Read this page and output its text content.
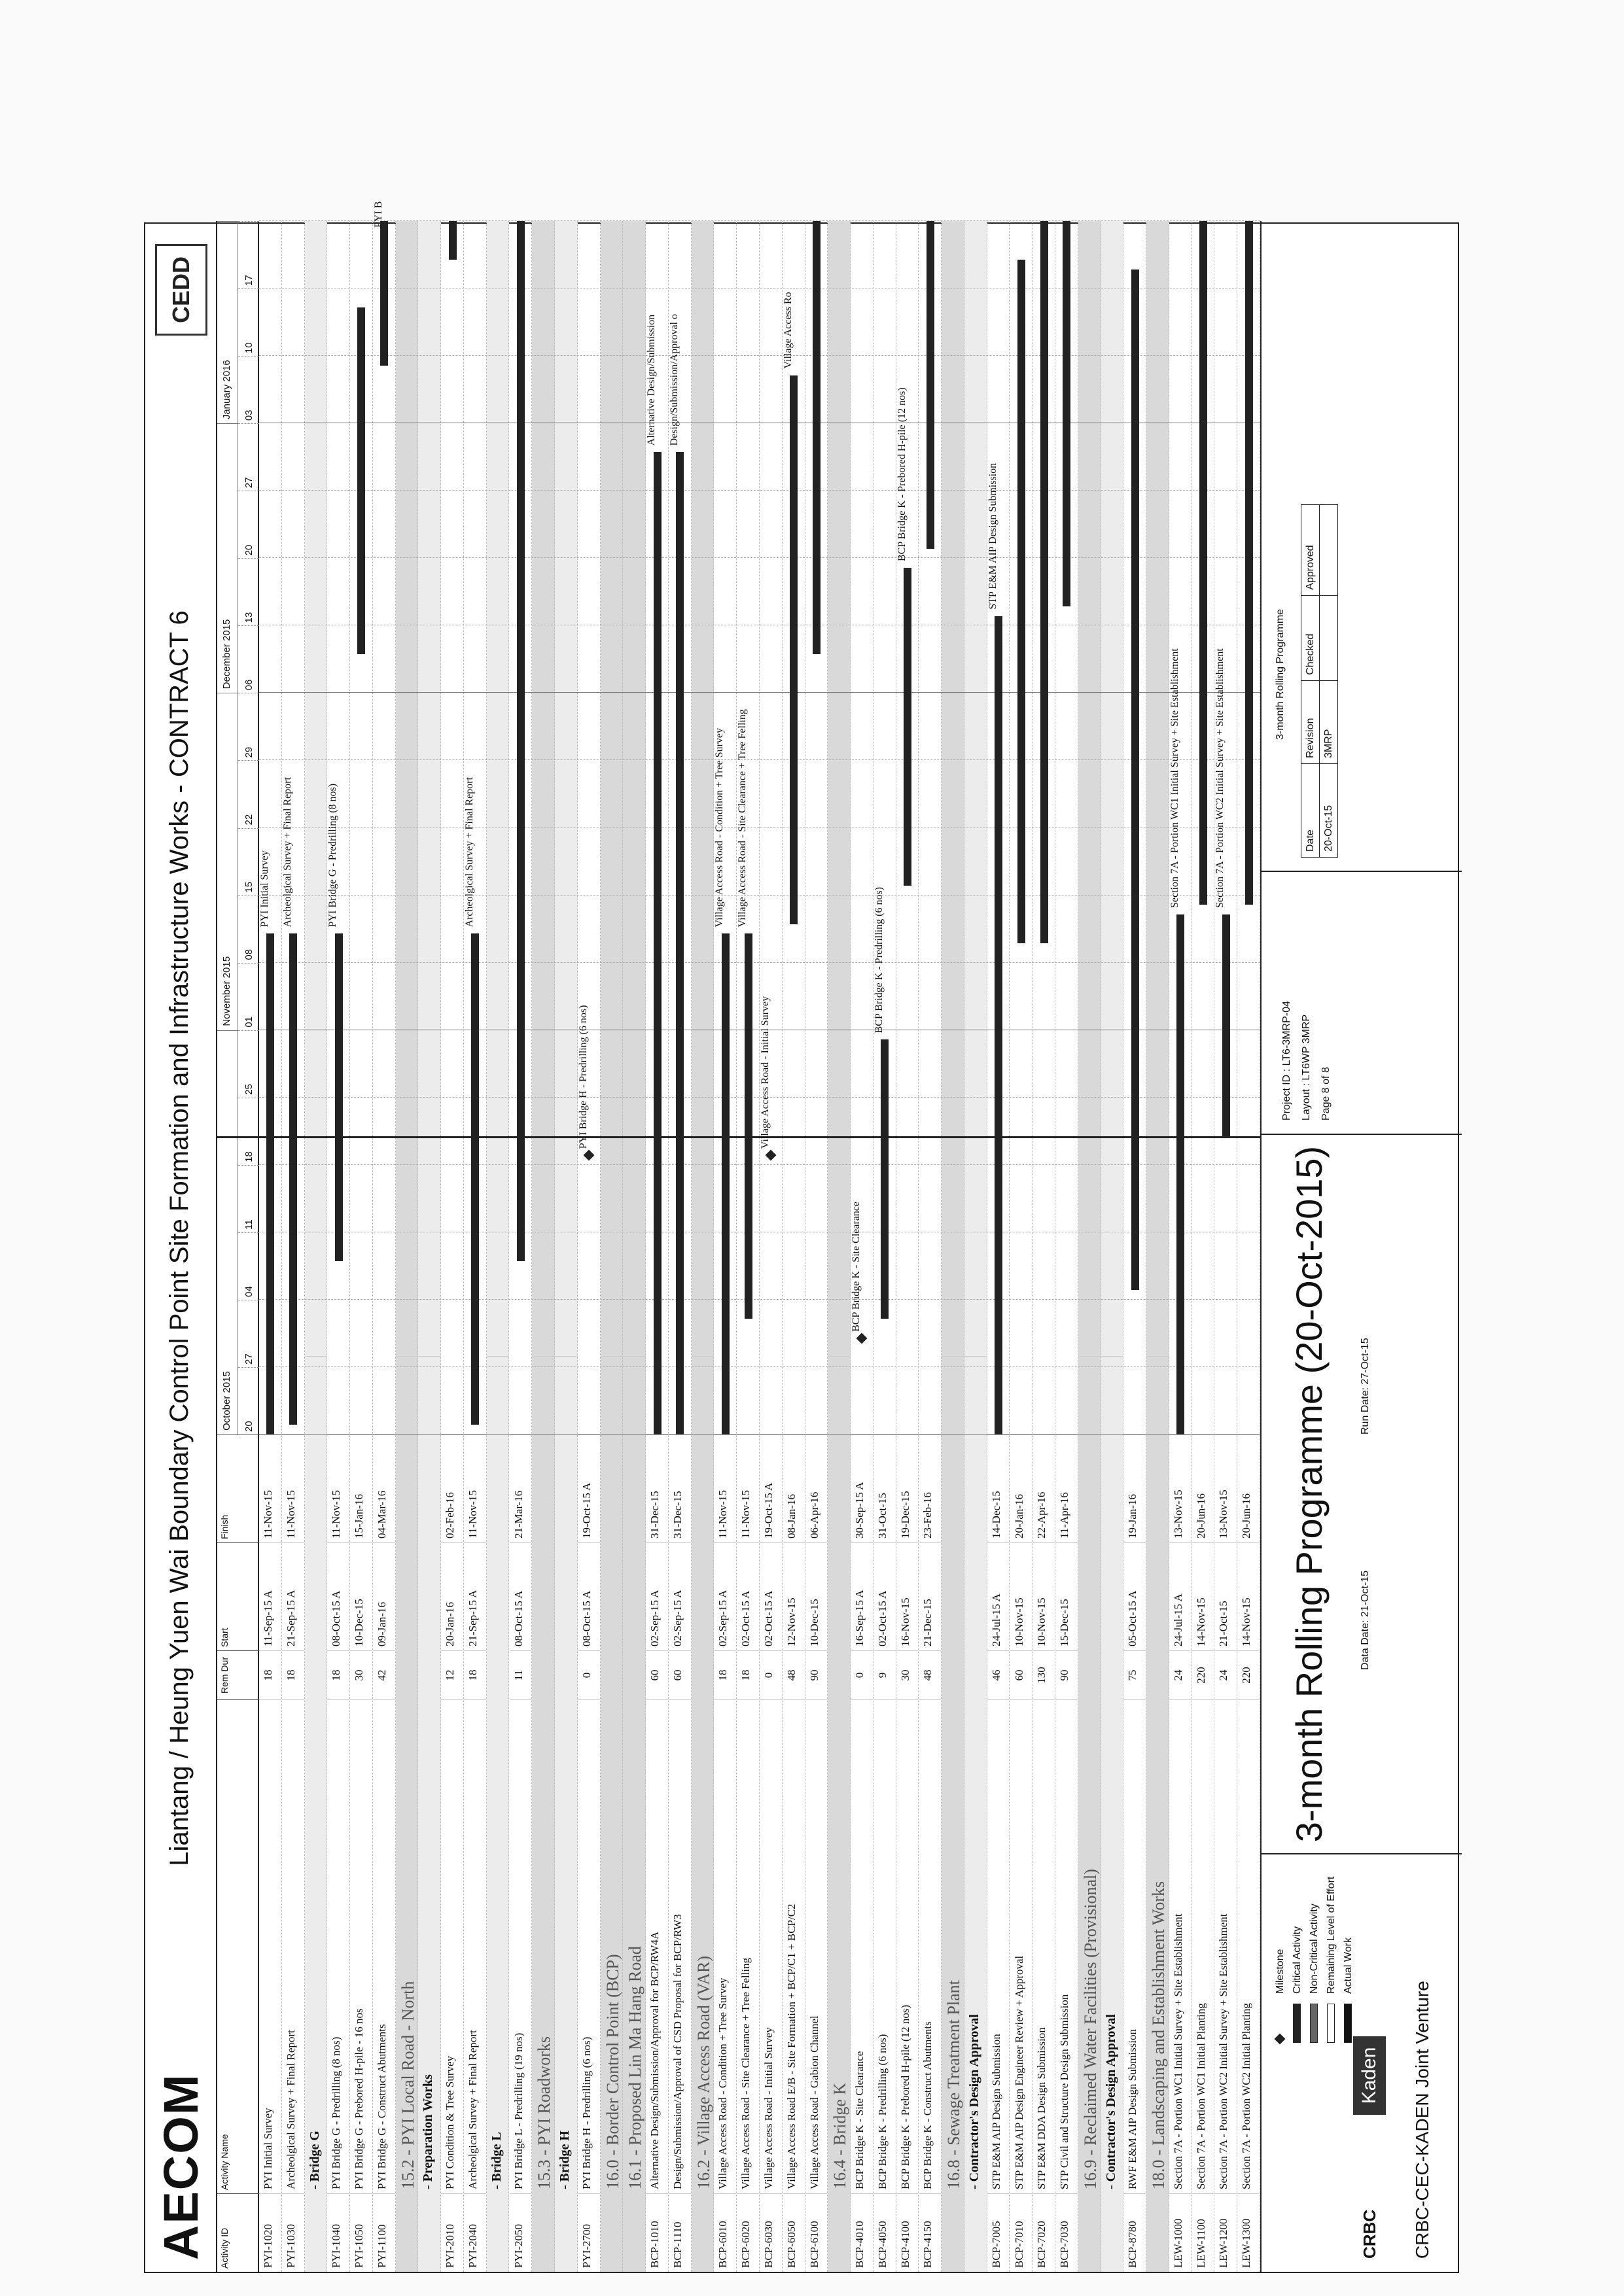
AECOM
Liantang / Heung Yuen Wai Boundary Control Point Site Formation and Infrastructure Works - CONTRACT 6
CEDD
Activity ID
Activity Name
Rem Dur
Start
Finish
October 2015
November 2015
December 2015
January 2016
20
27
04
11
18
25
01
08
15
22
29
06
13
20
27
03
10
17
PYI-1020
PYI Initial Survey
18
11-Sep-15 A
11-Nov-15
PYI-1030
Archeolgical Survey + Final Report
18
21-Sep-15 A
11-Nov-15
- Bridge G
PYI-1040
PYI Bridge G - Predrilling (8 nos)
18
08-Oct-15 A
11-Nov-15
PYI-1050
PYI Bridge G - Prebored H-pile - 16 nos
30
10-Dec-15
15-Jan-16
PYI-1100
PYI Bridge G - Construct Abutments
42
09-Jan-16
04-Mar-16
15.2 - PYI Local Road - North - Preparation Works
PYI-2010
PYI Condition & Tree Survey
12
20-Jan-16
02-Feb-16
PYI-2040
Archeolgical Survey + Final Report
18
21-Sep-15 A
11-Nov-15
- Bridge L
PYI-2050
PYI Bridge L - Predrilling (19 nos)
11
08-Oct-15 A
21-Mar-16
15.3 - PYI Roadworks - Bridge H
PYI-2700
PYI Bridge H - Predrilling (6 nos)
0
08-Oct-15 A
19-Oct-15 A
16.0 - Border Control Point (BCP) 16.1 - Proposed Lin Ma Hang Road
BCP-1010
Alternative Design/Submission/Approval for BCP/RW4A
60
02-Sep-15 A
31-Dec-15
BCP-1110
Design/Submission/Approval of CSD Proposal for BCP/RW3
60
02-Sep-15 A
31-Dec-15
16.2 - Village Access Road (VAR)
BCP-6010
Village Access Road - Condition + Tree Survey
18
02-Sep-15 A
11-Nov-15
BCP-6020
Village Access Road - Site Clearance + Tree Felling
18
02-Oct-15 A
11-Nov-15
BCP-6030
Village Access Road - Initial Survey
0
02-Oct-15 A
19-Oct-15 A
BCP-6050
Village Access Road E/B - Site Formation + BCP/C1 + BCP/C2
48
12-Nov-15
08-Jan-16
BCP-6100
Village Access Road - Gabion Channel
90
10-Dec-15
06-Apr-16
16.4 - Bridge K
BCP-4010
BCP Bridge K - Site Clearance
0
16-Sep-15 A
30-Sep-15 A
BCP-4050
BCP Bridge K - Predrilling (6 nos)
9
02-Oct-15 A
31-Oct-15
BCP-4100
BCP Bridge K - Prebored H-pile (12 nos)
30
16-Nov-15
19-Dec-15
BCP-4150
BCP Bridge K - Construct Abutments
48
21-Dec-15
23-Feb-16
16.8 - Sewage Treatment Plant - Contractor's Design Approval
BCP-7005
STP E&M AIP Design Submission
46
24-Jul-15 A
14-Dec-15
BCP-7010
STP E&M AIP Design Engineer Review + Approval
60
10-Nov-15
20-Jan-16
BCP-7020
STP E&M DDA Design Submission
130
10-Nov-15
22-Apr-16
BCP-7030
STP Civil and Structure Design Submission
90
15-Dec-15
11-Apr-16
16.9 - Reclaimed Water Facilities (Provisional) - Contractor's Design Approval
BCP-8780
RWF E&M AIP Design Submission
75
05-Oct-15 A
19-Jan-16
18.0 - Landscaping and Establishment Works
LEW-1000
Section 7A - Portion WC1 Initial Survey + Site Establishment
24
24-Jul-15 A
13-Nov-15
LEW-1100
Section 7A - Portion WC1 Initial Planting
220
14-Nov-15
20-Jun-16
LEW-1200
Section 7A - Portion WC2 Initial Survey + Site Establishment
24
21-Oct-15
13-Nov-15
LEW-1300
Section 7A - Portion WC2 Initial Planting
220
14-Nov-15
20-Jun-16
PYI Initial Survey Archeolgical Survey + Final Report	PYI Bridge G - Predrilling (8 nos)
PYI B
Archeolgical Survey + Final Report
PYI Bridge H - Predrilling (6 nos)
Alternative Design/Submission Design/Submission/Approval o
Village Access Road - Condition + Tree Survey Village Access Road - Site Clearance + Tree Felling
Village Access Road - Initial Survey
Village Access Ro
BCP Bridge K - Site Clearance
BCP Bridge K - Predrilling (6 nos)
BCP Bridge K - Prebored H-pile (12 nos)	STP E&M AIP Design Submission
Section 7A - Portion WC1 Initial Survey + Site Establishment	Section 7A - Portion WC2 Initial Survey + Site Establishment
Milestone Critical Activity Non-Critical Activity Remaining Level of Effort Actual Work
CRBC
Kaden	CRBC-CEC-KADEN Joint Venture
3-month Rolling Programme (20-Oct-2015)	Data Date: 21-Oct-15
Run Date: 27-Oct-15
Project ID : LT6-3MRP-04 Layout : LT6WP 3MRP Page 8 of 8
3-month Rolling Programme
Date	Revision	Checked	Approved
20-Oct-15	3MRP		
